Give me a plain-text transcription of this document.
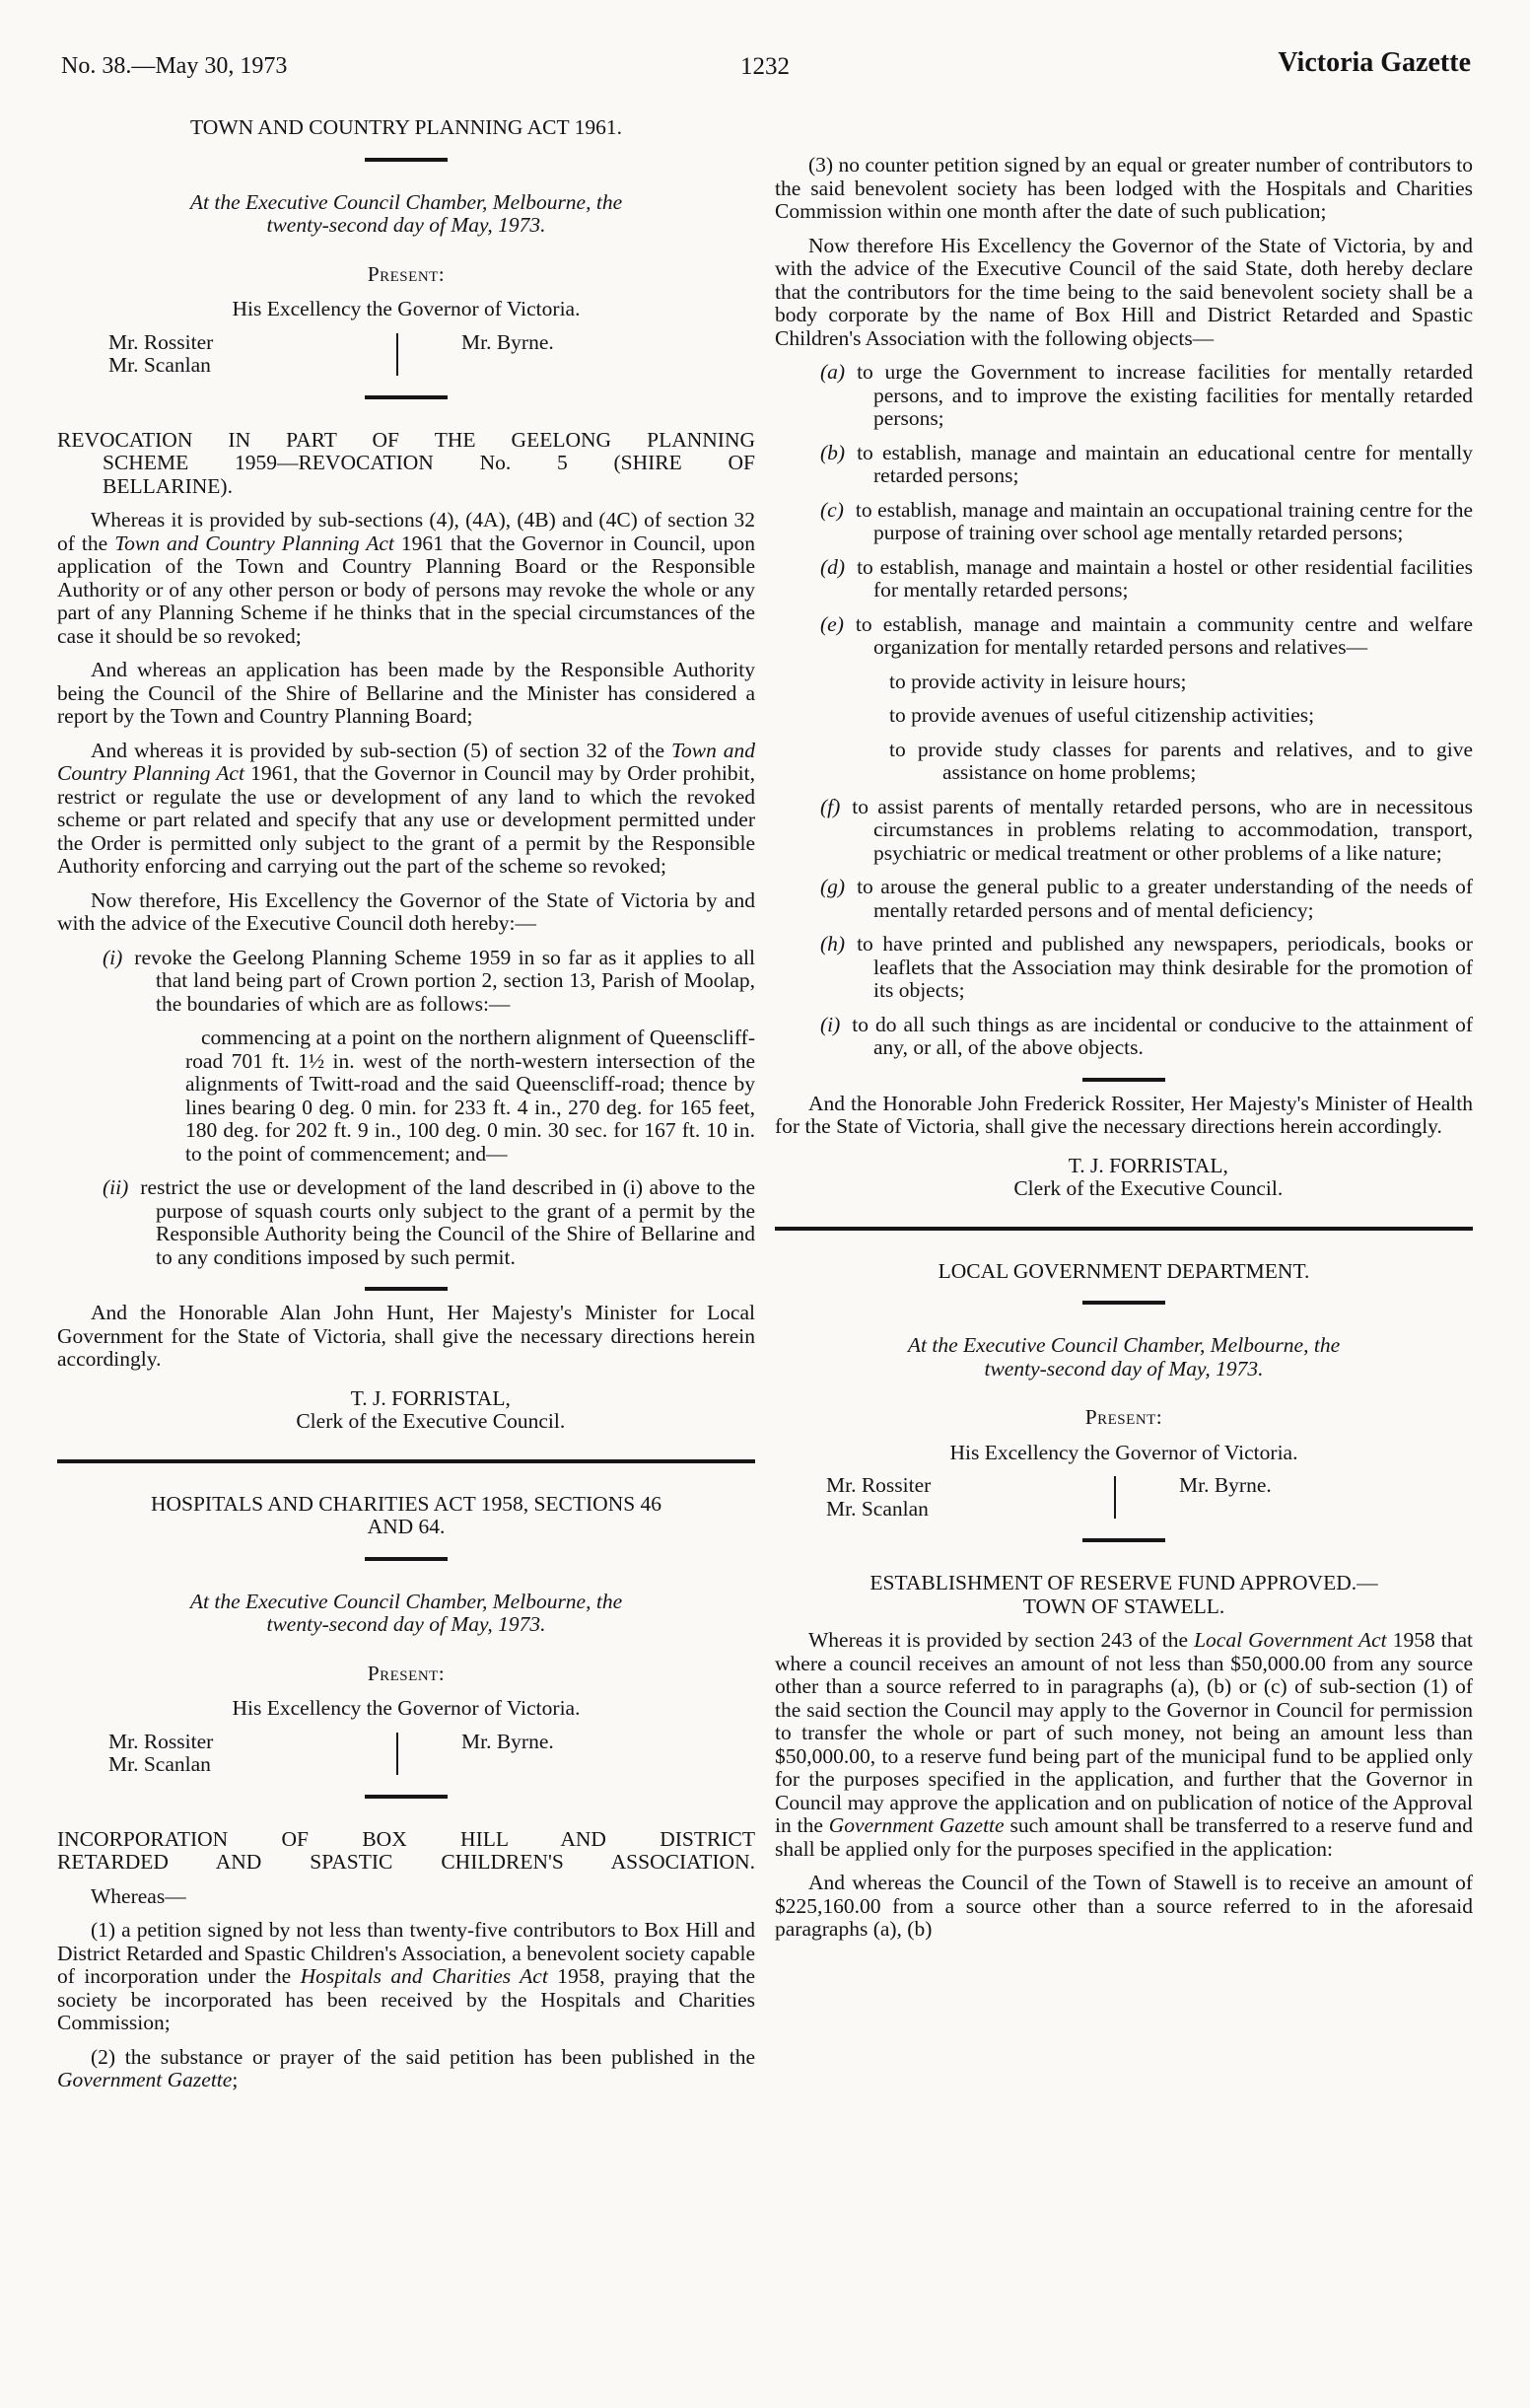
No. 38.—May 30, 1973	1232	Victoria Gazette
TOWN AND COUNTRY PLANNING ACT 1961.
At the Executive Council Chamber, Melbourne, the
twenty-second day of May, 1973.
Present:
His Excellency the Governor of Victoria.
Mr. Rossiter
Mr. Scanlan
Mr. Byrne.
REVOCATION IN PART OF THE GEELONG PLANNING
SCHEME 1959—REVOCATION No. 5 (SHIRE OF
BELLARINE).
Whereas it is provided by sub-sections (4), (4A), (4B) and (4C) of section 32 of the Town and Country Planning Act 1961 that the Governor in Council, upon application of the Town and Country Planning Board or the Responsible Authority or of any other person or body of persons may revoke the whole or any part of any Planning Scheme if he thinks that in the special circumstances of the case it should be so revoked;
And whereas an application has been made by the Responsible Authority being the Council of the Shire of Bellarine and the Minister has considered a report by the Town and Country Planning Board;
And whereas it is provided by sub-section (5) of section 32 of the Town and Country Planning Act 1961, that the Governor in Council may by Order prohibit, restrict or regulate the use or development of any land to which the revoked scheme or part related and specify that any use or development permitted under the Order is permitted only subject to the grant of a permit by the Responsible Authority enforcing and carrying out the part of the scheme so revoked;
Now therefore, His Excellency the Governor of the State of Victoria by and with the advice of the Executive Council doth hereby:—
(i) revoke the Geelong Planning Scheme 1959 in so far as it applies to all that land being part of Crown portion 2, section 13, Parish of Moolap, the boundaries of which are as follows:—
commencing at a point on the northern alignment of Queenscliff-road 701 ft. 1½ in. west of the north-western intersection of the alignments of Twitt-road and the said Queenscliff-road; thence by lines bearing 0 deg. 0 min. for 233 ft. 4 in., 270 deg. for 165 feet, 180 deg. for 202 ft. 9 in., 100 deg. 0 min. 30 sec. for 167 ft. 10 in. to the point of commencement; and—
(ii) restrict the use or development of the land described in (i) above to the purpose of squash courts only subject to the grant of a permit by the Responsible Authority being the Council of the Shire of Bellarine and to any conditions imposed by such permit.
And the Honorable Alan John Hunt, Her Majesty's Minister for Local Government for the State of Victoria, shall give the necessary directions herein accordingly.
T. J. FORRISTAL,
Clerk of the Executive Council.
HOSPITALS AND CHARITIES ACT 1958, SECTIONS 46
AND 64.
At the Executive Council Chamber, Melbourne, the
twenty-second day of May, 1973.
Present:
His Excellency the Governor of Victoria.
Mr. Rossiter
Mr. Scanlan
Mr. Byrne.
INCORPORATION OF BOX HILL AND DISTRICT
RETARDED AND SPASTIC CHILDREN'S ASSOCIATION.
Whereas—
(1) a petition signed by not less than twenty-five contributors to Box Hill and District Retarded and Spastic Children's Association, a benevolent society capable of incorporation under the Hospitals and Charities Act 1958, praying that the society be incorporated has been received by the Hospitals and Charities Commission;
(2) the substance or prayer of the said petition has been published in the Government Gazette;
(3) no counter petition signed by an equal or greater number of contributors to the said benevolent society has been lodged with the Hospitals and Charities Commission within one month after the date of such publication;
Now therefore His Excellency the Governor of the State of Victoria, by and with the advice of the Executive Council of the said State, doth hereby declare that the contributors for the time being to the said benevolent society shall be a body corporate by the name of Box Hill and District Retarded and Spastic Children's Association with the following objects—
(a) to urge the Government to increase facilities for mentally retarded persons, and to improve the existing facilities for mentally retarded persons;
(b) to establish, manage and maintain an educational centre for mentally retarded persons;
(c) to establish, manage and maintain an occupational training centre for the purpose of training over school age mentally retarded persons;
(d) to establish, manage and maintain a hostel or other residential facilities for mentally retarded persons;
(e) to establish, manage and maintain a community centre and welfare organization for mentally retarded persons and relatives—
to provide activity in leisure hours;
to provide avenues of useful citizenship activities;
to provide study classes for parents and relatives, and to give assistance on home problems;
(f) to assist parents of mentally retarded persons, who are in necessitous circumstances in problems relating to accommodation, transport, psychiatric or medical treatment or other problems of a like nature;
(g) to arouse the general public to a greater understanding of the needs of mentally retarded persons and of mental deficiency;
(h) to have printed and published any newspapers, periodicals, books or leaflets that the Association may think desirable for the promotion of its objects;
(i) to do all such things as are incidental or conducive to the attainment of any, or all, of the above objects.
And the Honorable John Frederick Rossiter, Her Majesty's Minister of Health for the State of Victoria, shall give the necessary directions herein accordingly.
T. J. FORRISTAL,
Clerk of the Executive Council.
LOCAL GOVERNMENT DEPARTMENT.
At the Executive Council Chamber, Melbourne, the
twenty-second day of May, 1973.
Present:
His Excellency the Governor of Victoria.
Mr. Rossiter
Mr. Scanlan
Mr. Byrne.
ESTABLISHMENT OF RESERVE FUND APPROVED.—
TOWN OF STAWELL.
Whereas it is provided by section 243 of the Local Government Act 1958 that where a council receives an amount of not less than $50,000.00 from any source other than a source referred to in paragraphs (a), (b) or (c) of sub-section (1) of the said section the Council may apply to the Governor in Council for permission to transfer the whole or part of such money, not being an amount less than $50,000.00, to a reserve fund being part of the municipal fund to be applied only for the purposes specified in the application, and further that the Governor in Council may approve the application and on publication of notice of the Approval in the Government Gazette such amount shall be transferred to a reserve fund and shall be applied only for the purposes specified in the application:
And whereas the Council of the Town of Stawell is to receive an amount of $225,160.00 from a source other than a source referred to in the aforesaid paragraphs (a), (b)
